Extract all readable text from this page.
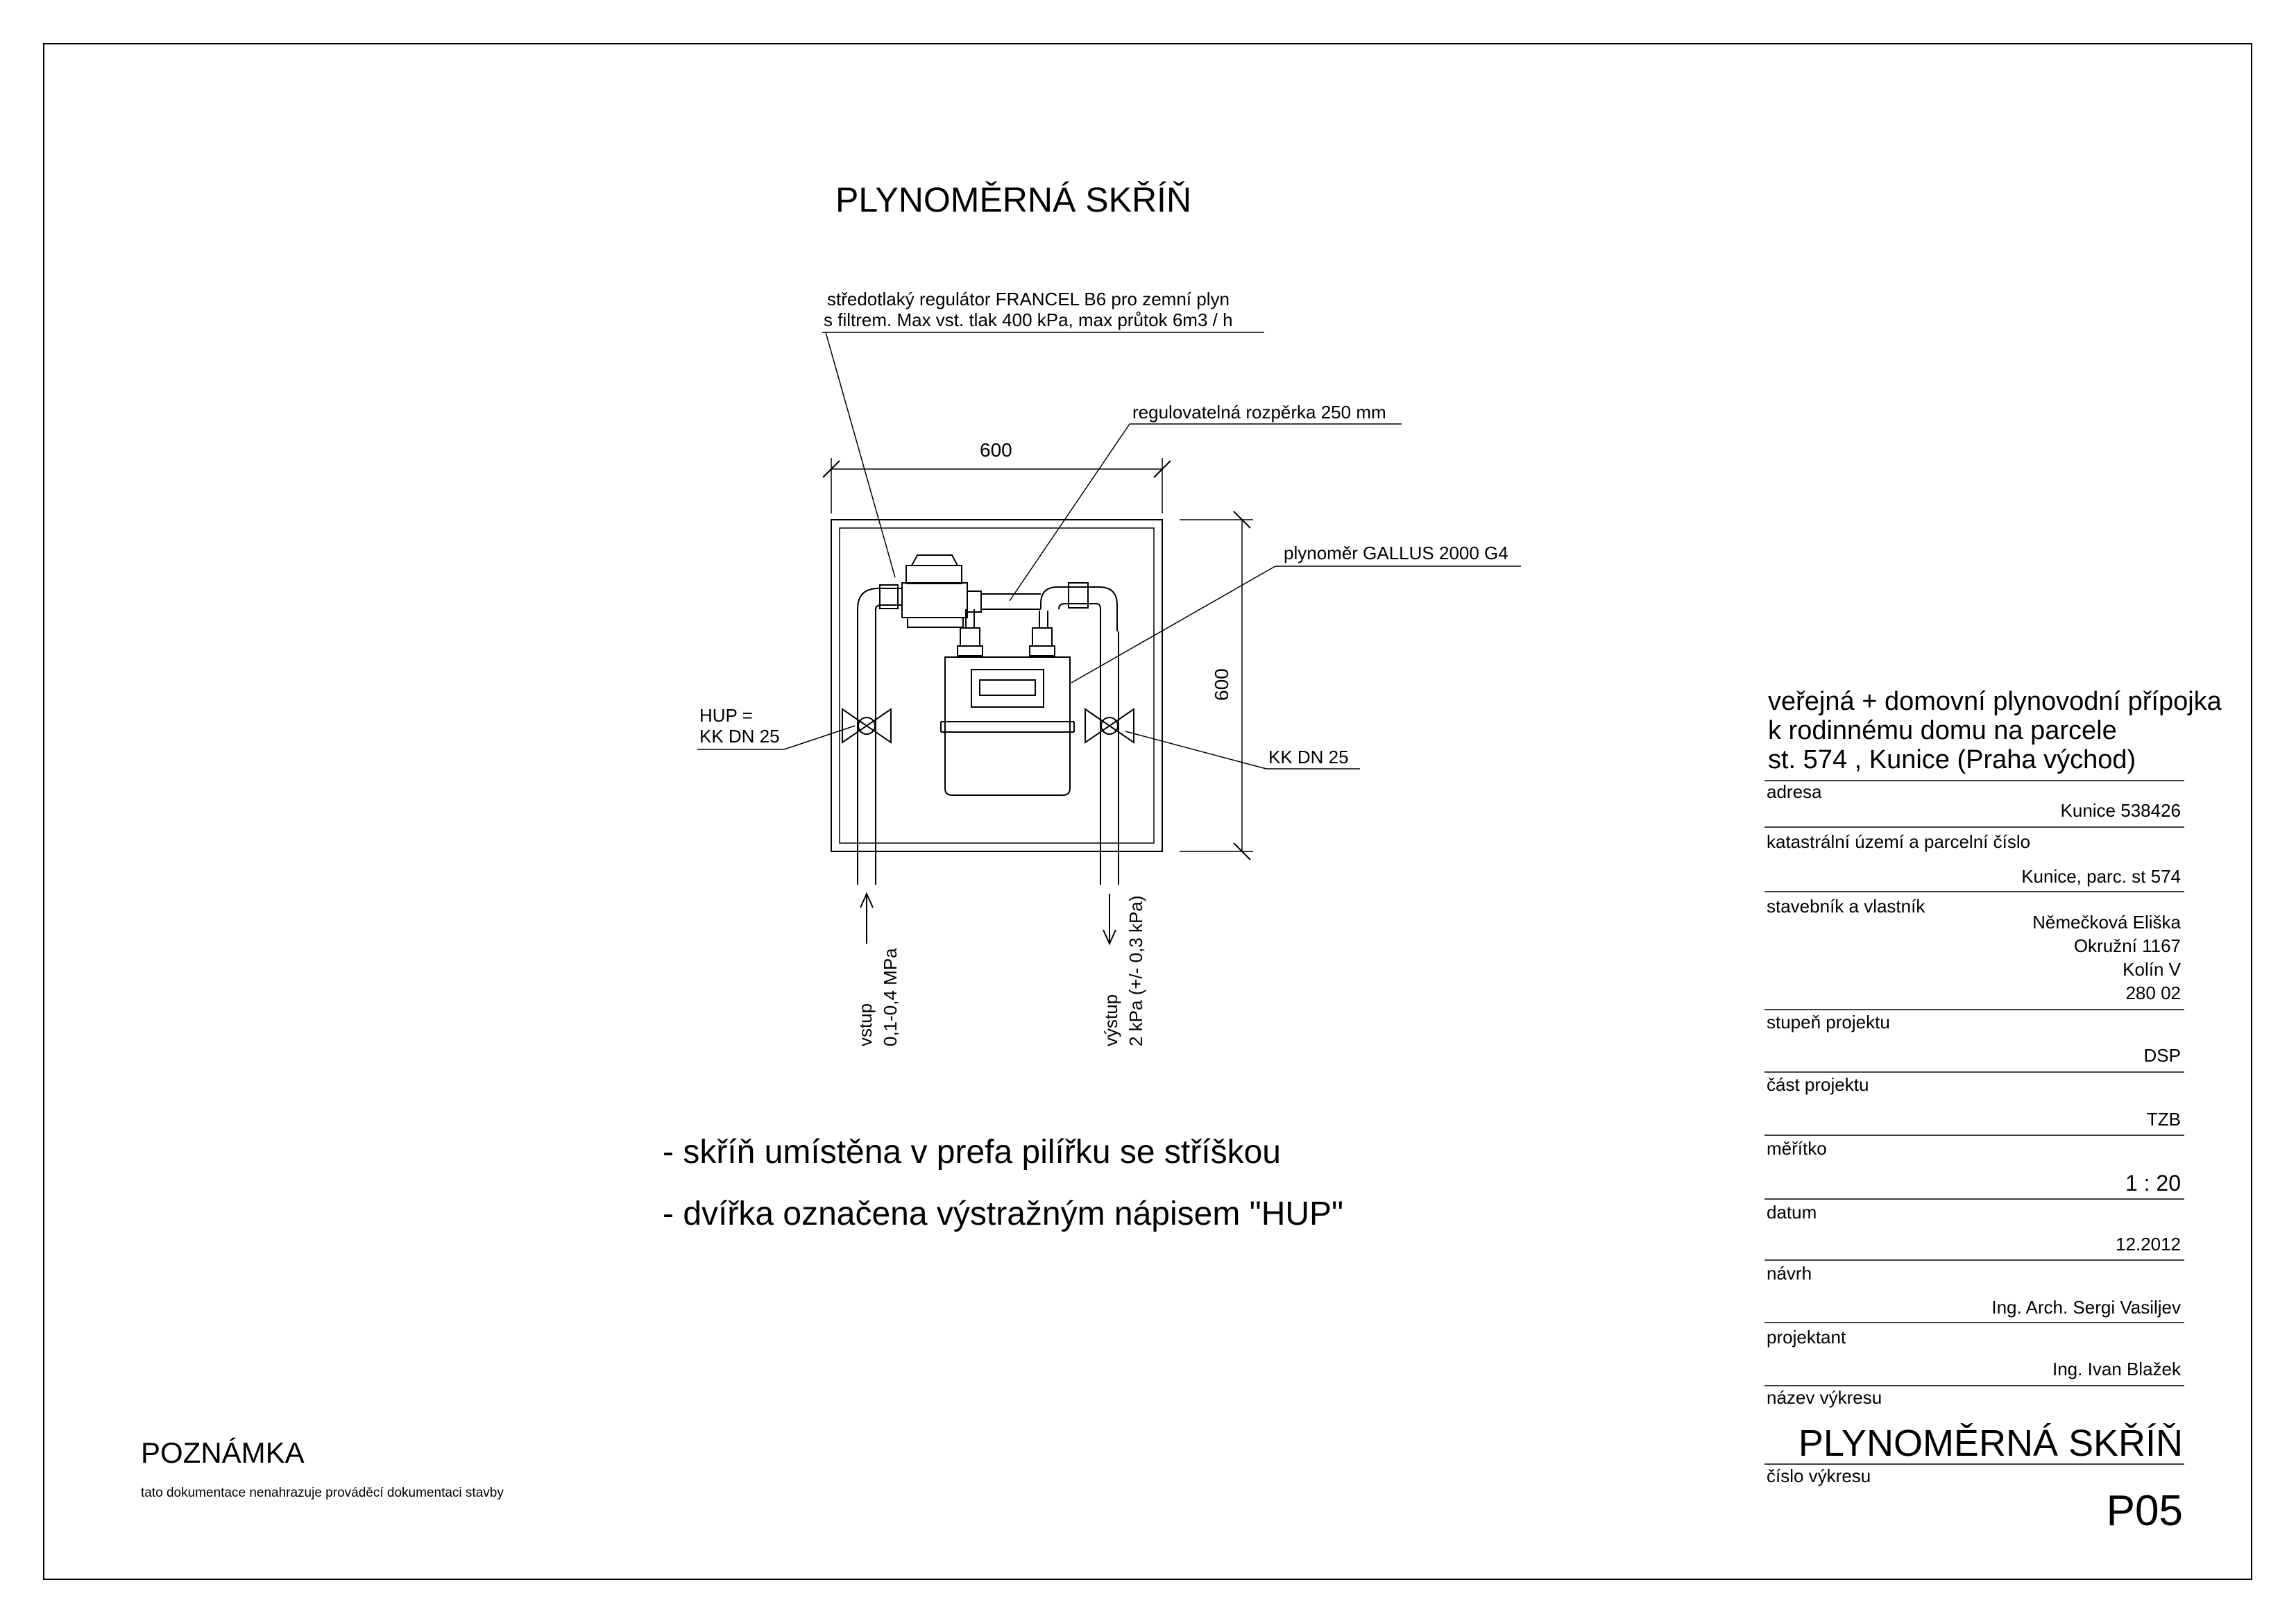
PLYNOMĚRNÁ SKŘÍŇ
600
600
středotlaký regulátor FRANCEL B6 pro zemní plyn
s filtrem. Max vst. tlak 400 kPa, max průtok 6m3 / h
regulovatelná rozpěrka 250 mm
plynoměr GALLUS 2000 G4
HUP =
KK DN 25
KK DN 25
vstup 0,1-0,4 MPa	výstup 2 kPa (+/- 0,3 kPa)
- skříň umístěna v prefa pilířku se stříškou
- dvířka označena výstražným nápisem "HUP"
POZNÁMKA
tato dokumentace nenahrazuje prováděcí dokumentaci stavby
veřejná + domovní plynovodní přípojka
k rodinnému domu na parcele
st. 574 , Kunice (Praha východ)
adresa
Kunice 538426
katastrální území a parcelní číslo
Kunice, parc. st 574
stavebník a vlastník
Němečková Eliška
Okružní 1167
Kolín V
280 02
stupeň projektu
DSP
část projektu
TZB
měřítko
1 : 20
datum
12.2012
návrh
Ing. Arch. Sergi Vasiljev
projektant
Ing. Ivan Blažek
název výkresu
PLYNOMĚRNÁ SKŘÍŇ
číslo výkresu
P05
